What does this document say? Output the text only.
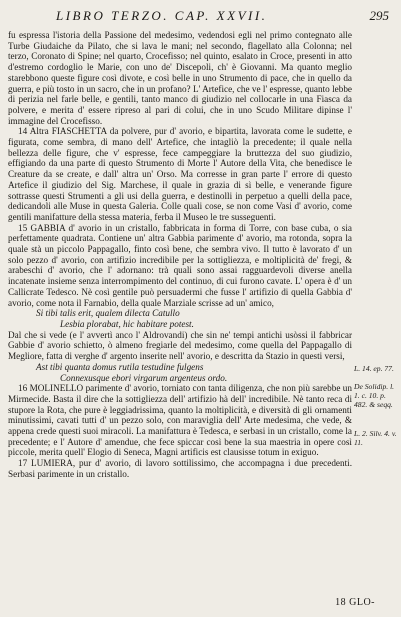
LIBRO TERZO. CAP. XXVII.	295

fu espressa l'istoria della Passione del medesimo, vedendosi egli nel primo contegnato alle Turbe Giudaiche da Pilato, che si lava le mani; nel secondo, flagellato alla Colonna; nel terzo, Coronato di Spine; nel quarto, Crocefisso; nel quinto, esalato in Croce, presenti in atto d'estremo cordoglio le Marie, con uno de' Discepoli, ch' è Giovanni. Ma quanto meglio starebbono queste figure così divote, e così belle in uno Strumento di pace, che in quello da guerra, e più tosto in un sacro, che in un profano? L' Artefice, che ve l' espresse, quanto lebbe di perizia nel farle belle, e gentili, tanto manco di giudizio nel collocarle in una Fiasca da polvere, e merita d' essere ripreso al pari di colui, che in uno Scudo Militare dipinse l' immagine del Crocefisso.

14 Altra FIASCHETTA da polvere, pur d' avorio, e bipartita, lavorata come le sudette, e figurata, come sembra, di mano dell' Artefice, che intagliò la precedente; il quale nella bellezza delle figure, che v' espresse, fece campeggiare la bruttezza del suo giudizio, effigiando da una parte di questo Strumento di Morte l' Autore della Vita, che benedisce le Creature da se create, e dall' altra un' Orso. Ma corresse in gran parte l' errore di questo Artefice il giudizio del Sig. Marchese, il quale in grazia di sì belle, e venerande figure sottrasse questi Strumenti a gli usi della guerra, e destinolli in perpetuo a quelli della pace, dedicandoli alle Muse in questa Galeria. Colle quali cose, se non come Vasi d' avorio, come gentili manifatture della stessa materia, ferba il Museo le tre susseguenti.

15 GABBIA d' avorio in un cristallo, fabbricata in forma di Torre, con base cuba, o sia perfettamente quadrata. Contiene un' altra Gabbia parimente d' avorio, ma rotonda, sopra la quale stà un piccolo Pappagallo, finto così bene, che sembra vivo. Il tutto è lavorato d' un solo pezzo d' avorio, con artifizio incredibile per la sottigliezza, e moltiplicità de' fregi, & arabeschi d' avorio, che l' adornano: trà quali sono assai ragguardevoli diverse anella incatenate insieme senza interrompimento del continuo, di cui furono cavate. L' opera è d' un Callicrate Tedesco. Nè così gentile può persuadermi che fusse l' artifizio di quella Gabbia d' avorio, come nota il Farnabio, della quale Marziale scrisse ad un' amico,

Si tibi talis erit, qualem dilecta Catullo

Lesbia plorabat, hic habitare potest.

Dal che si vede (e l' avvertì anco l' Aldrovandi) che sin ne' tempi antichi usòssi il fabbricar Gabbie d' avorio schietto, ò almeno fregiarle del medesimo, come quella del Pappagallo di Megliore, fatta di verghe d' argento inserite nell' avorio, e descritta da Stazio in questi versi,

Ast tibi quanta domus rutila testudine fulgens

Connexusque ebori virgarum argenteus ordo.

16 MOLINELLO parimente d' avorio, torniato con tanta diligenza, che non più sarebbe un Mirmecide. Basta il dire che la sottigliezza dell' artifizio hà dell' incredibile. Nè tanto reca di stupore la Rota, che pure è leggiadrissima, quanto la moltiplicità, e diversità di gli ornamenti minutissimi, cavati tutti d' un pezzo solo, con maraviglia dell' Arte medesima, che vede, & appena crede questi suoi miracoli. La manifattura è Tedesca, e serbasi in un cristallo, come la precedente; e l' Autore d' amendue, che fece spiccar così bene la sua maestria in opere così piccole, merita quell' Elogio di Seneca, Magni artificis est clausisse totum in exiguo.

17 LUMIERA, pur d' avorio, di lavoro sottilissimo, che accompagna i due precedenti. Serbasi parimente in un cristallo.

L. 14. ep. 77.
De Solidip. l. 1. c. 10. p. 482. & seqq.
L. 2. Silv. 4. v. 11.
18 GLO-
